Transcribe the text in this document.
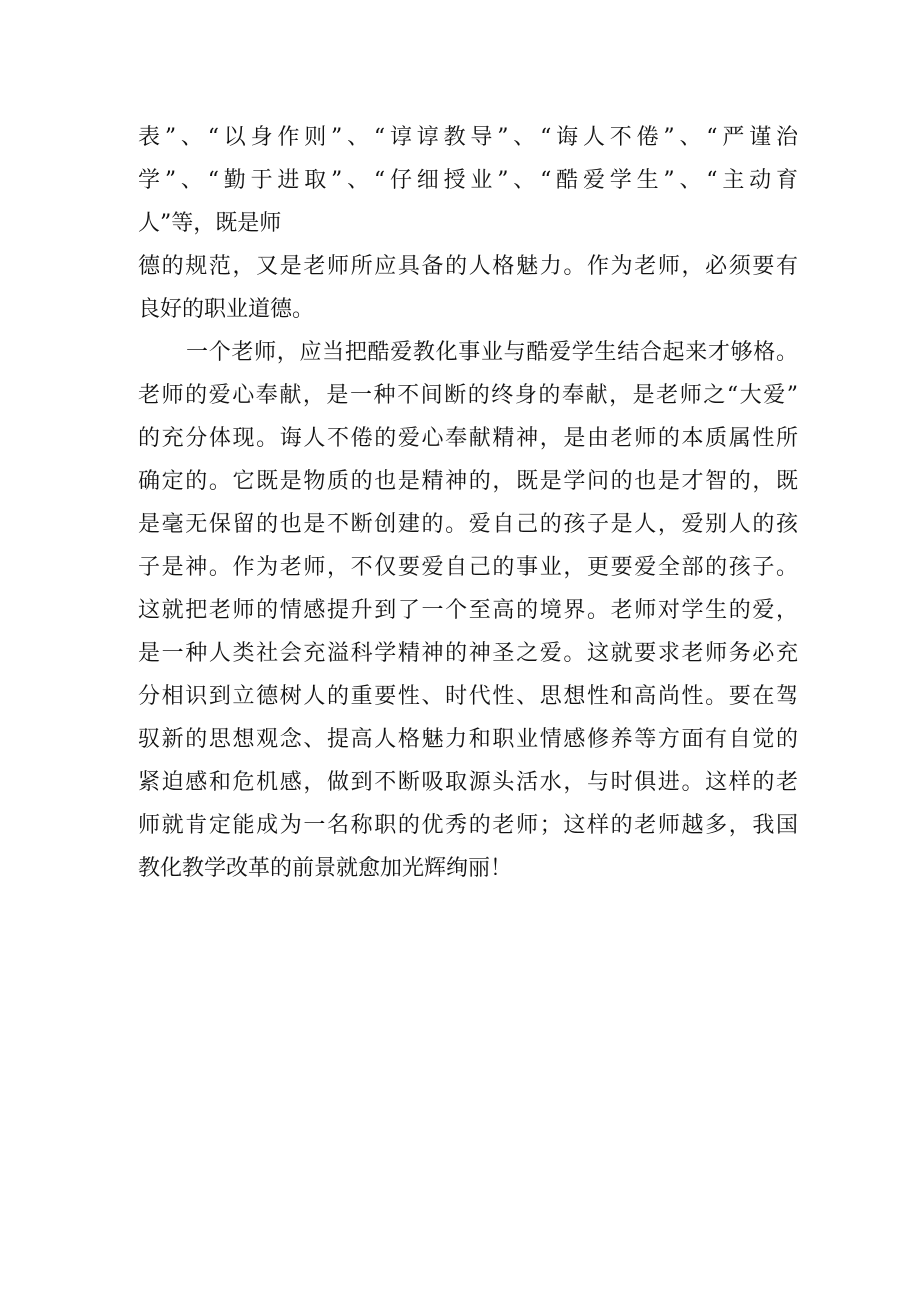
表”、“以身作则”、“谆谆教导”、“诲人不倦”、“严谨治
学”、“勤于进取”、“仔细授业”、“酷爱学生”、“主动育
人”等，既是师
德的规范，又是老师所应具备的人格魅力。作为老师，必须要有
良好的职业道德。
一个老师，应当把酷爱教化事业与酷爱学生结合起来才够格。
老师的爱心奉献，是一种不间断的终身的奉献，是老师之“大爱”
的充分体现。诲人不倦的爱心奉献精神，是由老师的本质属性所
确定的。它既是物质的也是精神的，既是学问的也是才智的，既
是毫无保留的也是不断创建的。爱自己的孩子是人，爱别人的孩
子是神。作为老师，不仅要爱自己的事业，更要爱全部的孩子。
这就把老师的情感提升到了一个至高的境界。老师对学生的爱，
是一种人类社会充溢科学精神的神圣之爱。这就要求老师务必充
分相识到立德树人的重要性、时代性、思想性和高尚性。要在驾
驭新的思想观念、提高人格魅力和职业情感修养等方面有自觉的
紧迫感和危机感，做到不断吸取源头活水，与时俱进。这样的老
师就肯定能成为一名称职的优秀的老师；这样的老师越多，我国
教化教学改革的前景就愈加光辉绚丽！
